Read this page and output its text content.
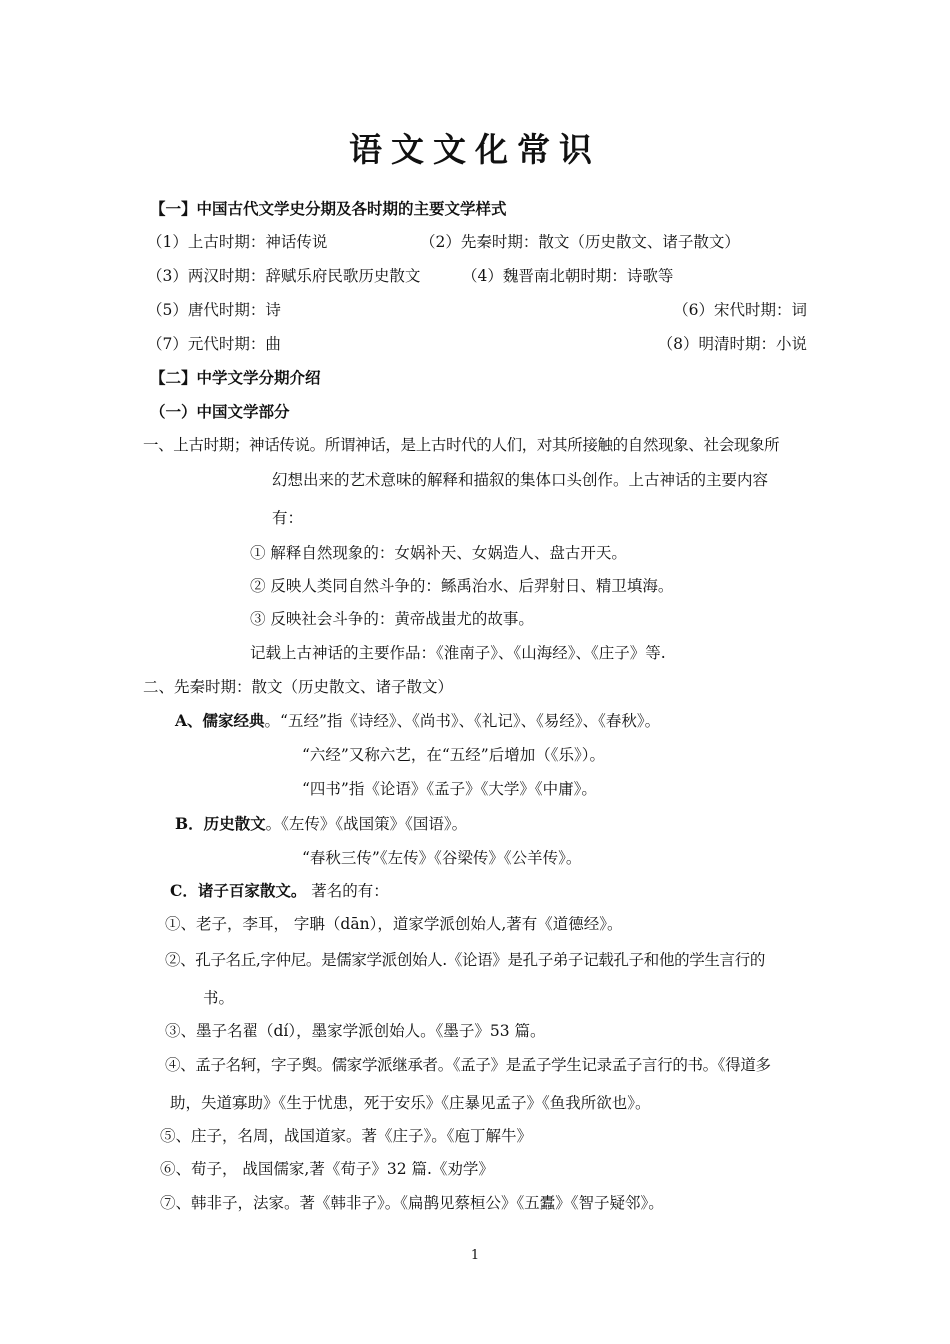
语文文化常识
【一】中国古代文学史分期及各时期的主要文学样式
（1）上古时期：神话传说	（2）先秦时期：散文（历史散文、诸子散文）
（3）两汉时期：辞赋乐府民歌历史散文	（4）魏晋南北朝时期：诗歌等
（5）唐代时期：诗	（6）宋代时期：词
（7）元代时期：曲	（8）明清时期：小说
【二】中学文学分期介绍
（一）中国文学部分
一、上古时期；神话传说。所谓神话，是上古时代的人们，对其所接触的自然现象、社会现象所
幻想出来的艺术意味的解释和描叙的集体口头创作。上古神话的主要内容
有：
① 解释自然现象的：女娲补天、女娲造人、盘古开天。
② 反映人类同自然斗争的：鲧禹治水、后羿射日、精卫填海。
③ 反映社会斗争的：黄帝战蚩尤的故事。
记载上古神话的主要作品：《淮南子》、《山海经》、《庄子》等.
二、先秦时期：散文（历史散文、诸子散文）
A、儒家经典。“五经”指《诗经》、《尚书》、《礼记》、《易经》、《春秋》。
“六经”又称六艺，在“五经”后增加（《乐》）。
“四书”指《论语》《孟子》《大学》《中庸》。
B．历史散文。《左传》《战国策》《国语》。
“春秋三传”《左传》《谷梁传》《公羊传》。
C．诸子百家散文。 著名的有：
①、老子，李耳， 字聃（dān），道家学派创始人,著有《道德经》。
②、孔子名丘,字仲尼。是儒家学派创始人.《论语》是孔子弟子记载孔子和他的学生言行的
书。
③、墨子名翟（dí），墨家学派创始人。《墨子》53 篇。
④、孟子名轲，字子舆。儒家学派继承者。《孟子》是孟子学生记录孟子言行的书。《得道多
助，失道寡助》《生于忧患，死于安乐》《庄暴见孟子》《鱼我所欲也》。
⑤、庄子，名周，战国道家。著《庄子》。《庖丁解牛》
⑥、荀子， 战国儒家,著《荀子》32 篇.《劝学》
⑦、韩非子，法家。著《韩非子》。《扁鹊见蔡桓公》《五蠹》《智子疑邻》。
1
